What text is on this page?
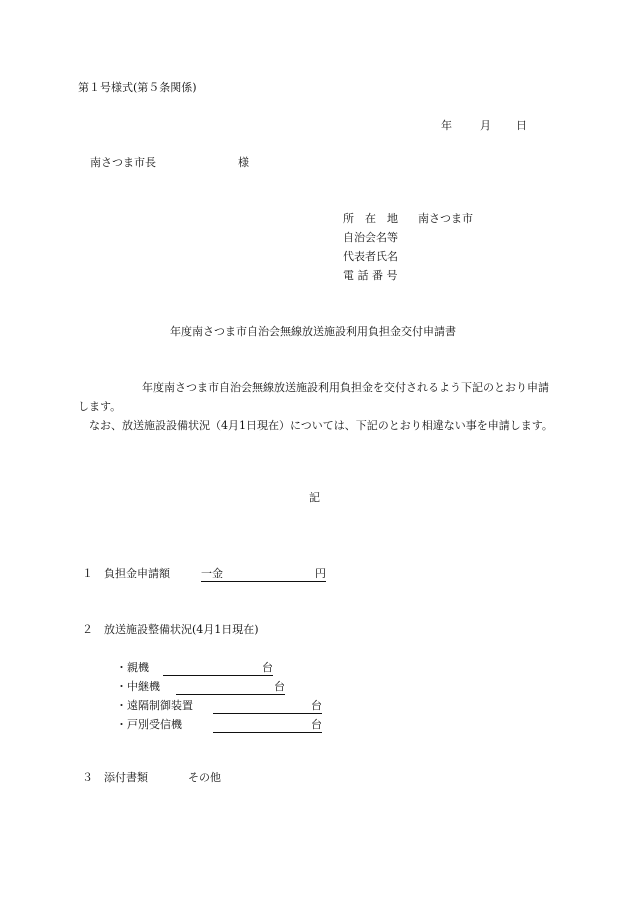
第１号様式(第５条関係)
年	月 日
南さつま市長	様
所　在　地 南さつま市
自治会名等
代表者氏名
電 話 番 号
年度南さつま市自治会無線放送施設利用負担金交付申請書

年度南さつま市自治会無線放送施設利用負担金を交付されるよう下記のとおり申請します。

なお、放送施設設備状況（4月1日現在）については、下記のとおり相違ない事を申請します。

記
１ 負担金申請額	一金	円
２ 放送施設整備状況(4月1日現在)
・親機	台
・中継機	台
・遠隔制御装置	台
・戸別受信機	台
３ 添付書類	その他
